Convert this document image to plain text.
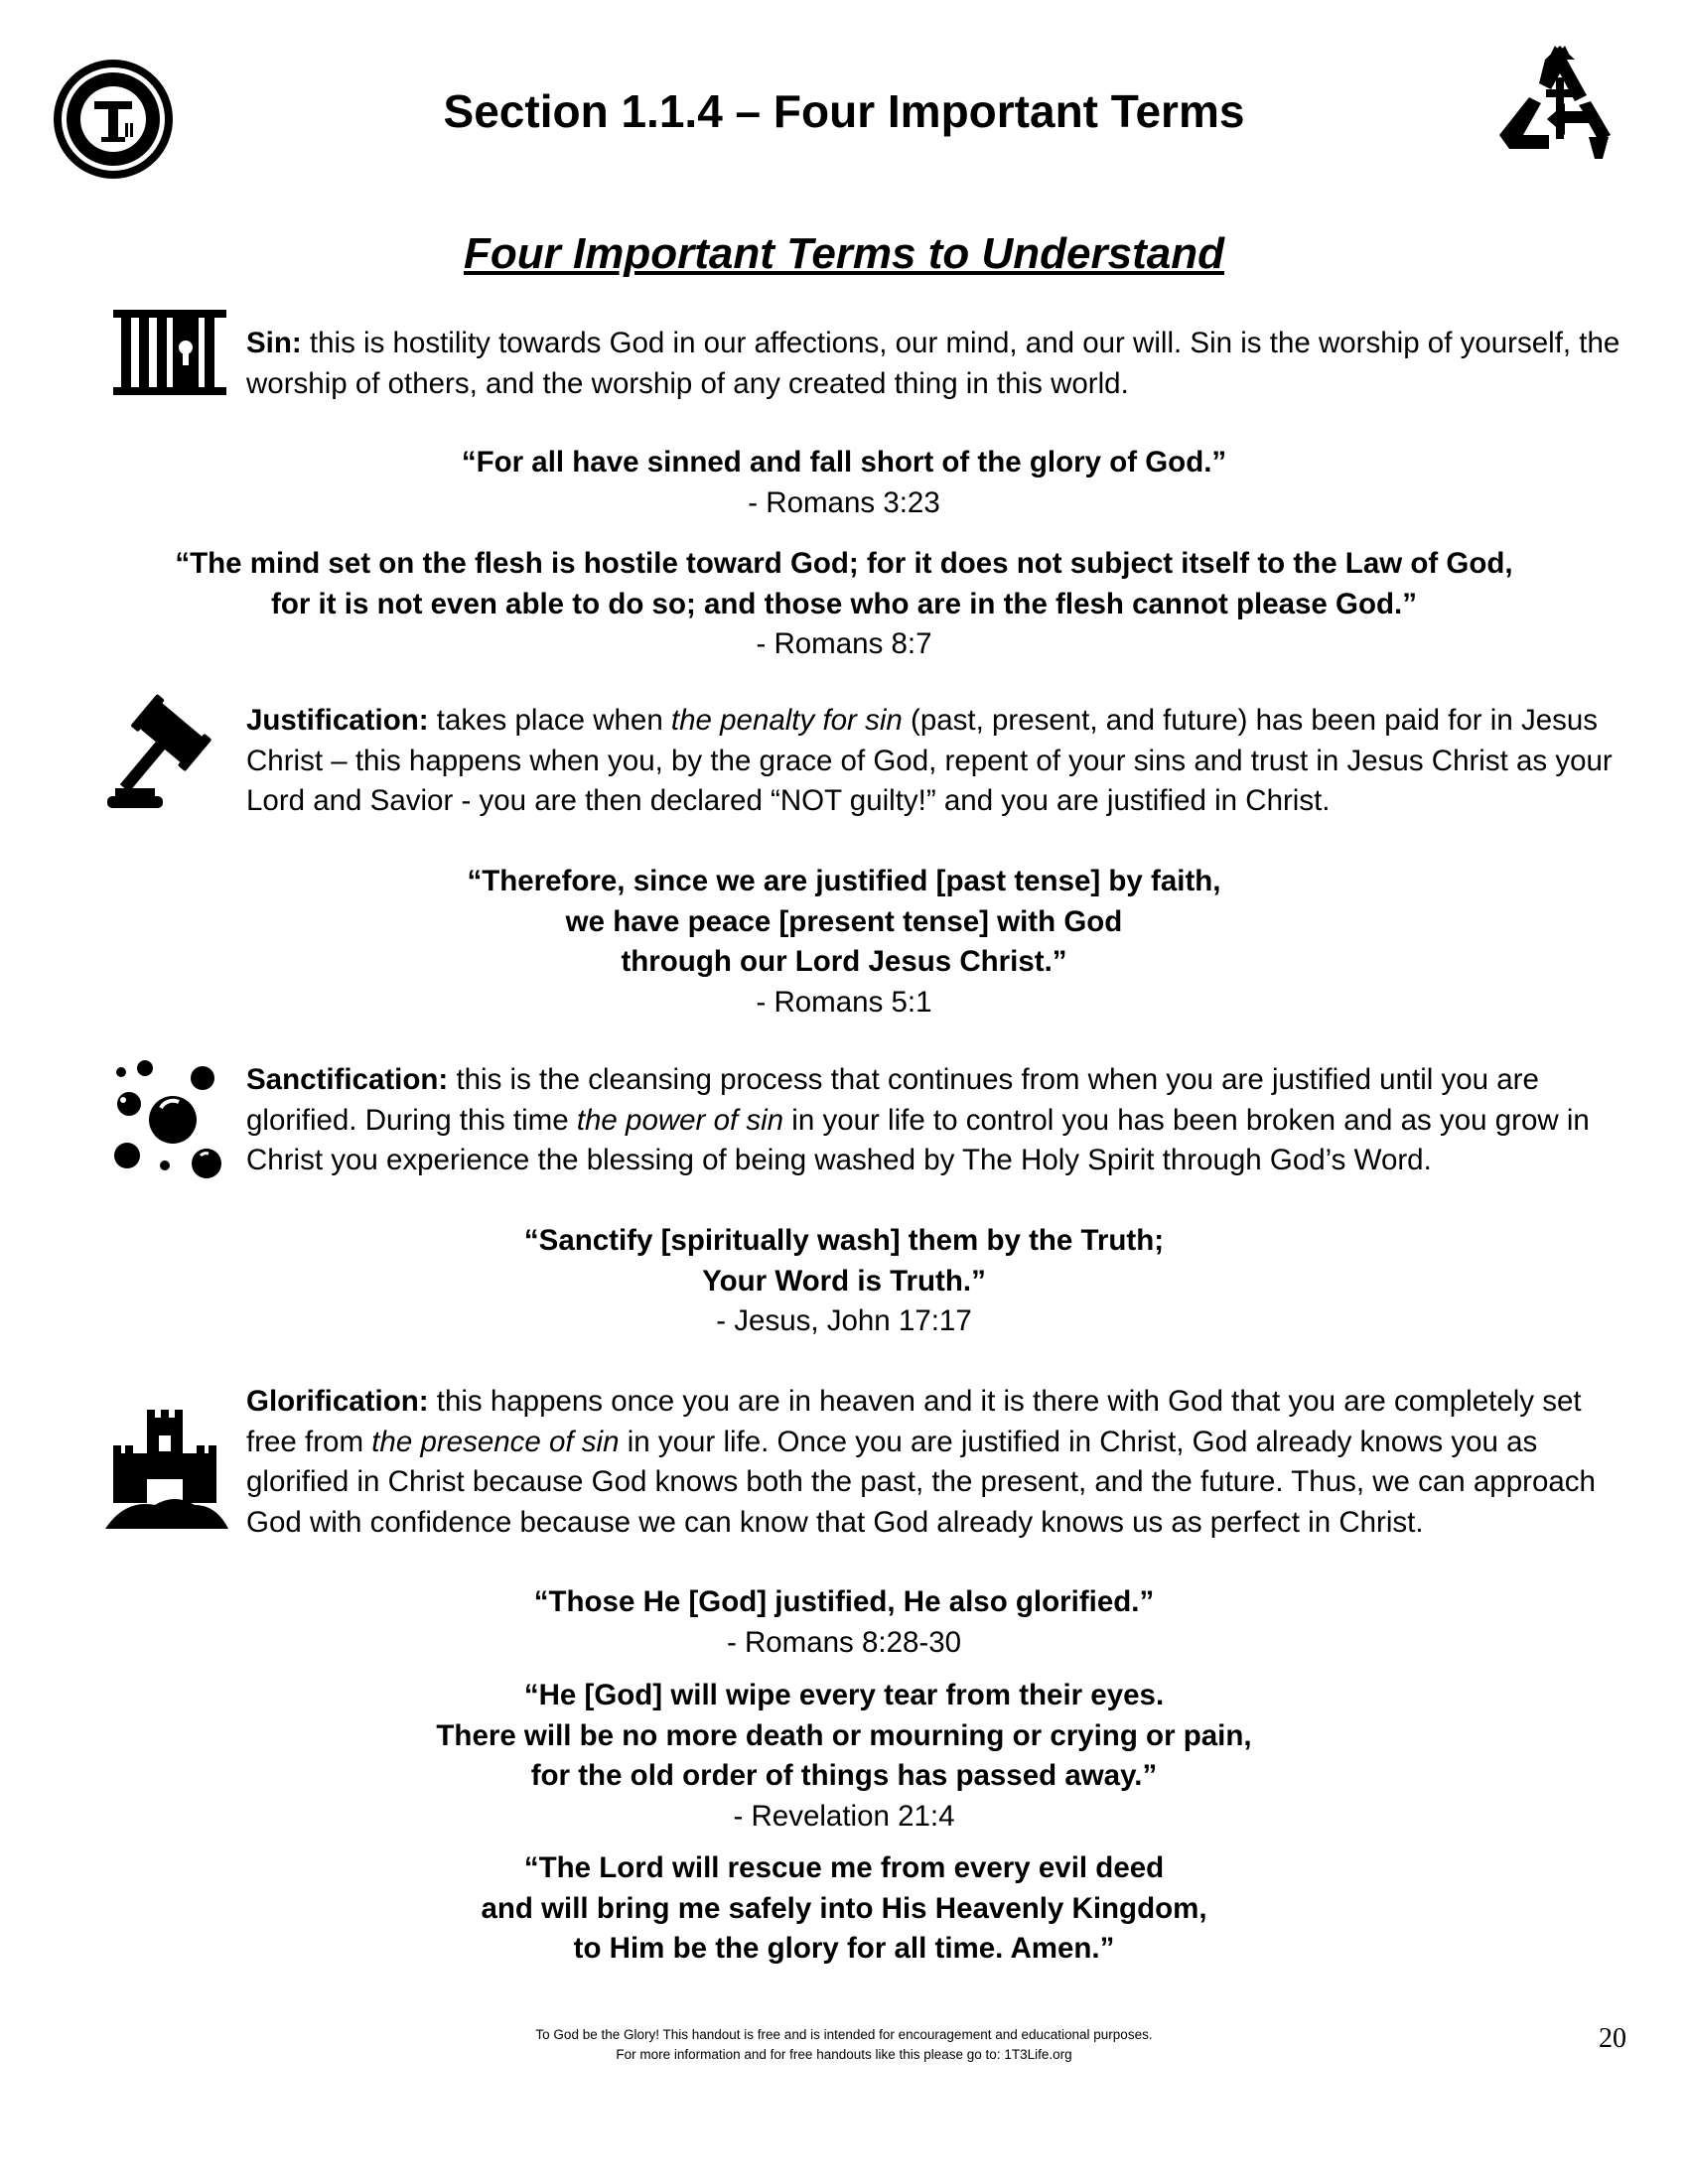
Section 1.1.4 – Four Important Terms
Four Important Terms to Understand
Sin: this is hostility towards God in our affections, our mind, and our will. Sin is the worship of yourself, the worship of others, and the worship of any created thing in this world.
“For all have sinned and fall short of the glory of God.”
- Romans 3:23
“The mind set on the flesh is hostile toward God; for it does not subject itself to the Law of God,
for it is not even able to do so; and those who are in the flesh cannot please God.”
- Romans 8:7
Justification: takes place when the penalty for sin (past, present, and future) has been paid for in Jesus Christ – this happens when you, by the grace of God, repent of your sins and trust in Jesus Christ as your Lord and Savior - you are then declared “NOT guilty!” and you are justified in Christ.
“Therefore, since we are justified [past tense] by faith,
we have peace [present tense] with God
through our Lord Jesus Christ.”
- Romans 5:1
Sanctification: this is the cleansing process that continues from when you are justified until you are glorified. During this time the power of sin in your life to control you has been broken and as you grow in Christ you experience the blessing of being washed by The Holy Spirit through God’s Word.
“Sanctify [spiritually wash] them by the Truth;
Your Word is Truth.”
- Jesus, John 17:17
Glorification: this happens once you are in heaven and it is there with God that you are completely set free from the presence of sin in your life. Once you are justified in Christ, God already knows you as glorified in Christ because God knows both the past, the present, and the future. Thus, we can approach God with confidence because we can know that God already knows us as perfect in Christ.
“Those He [God] justified, He also glorified.”
- Romans 8:28-30
“He [God] will wipe every tear from their eyes.
There will be no more death or mourning or crying or pain,
for the old order of things has passed away.”
- Revelation 21:4
“The Lord will rescue me from every evil deed
and will bring me safely into His Heavenly Kingdom,
to Him be the glory for all time. Amen.”
To God be the Glory! This handout is free and is intended for encouragement and educational purposes.
For more information and for free handouts like this please go to: 1T3Life.org
20
